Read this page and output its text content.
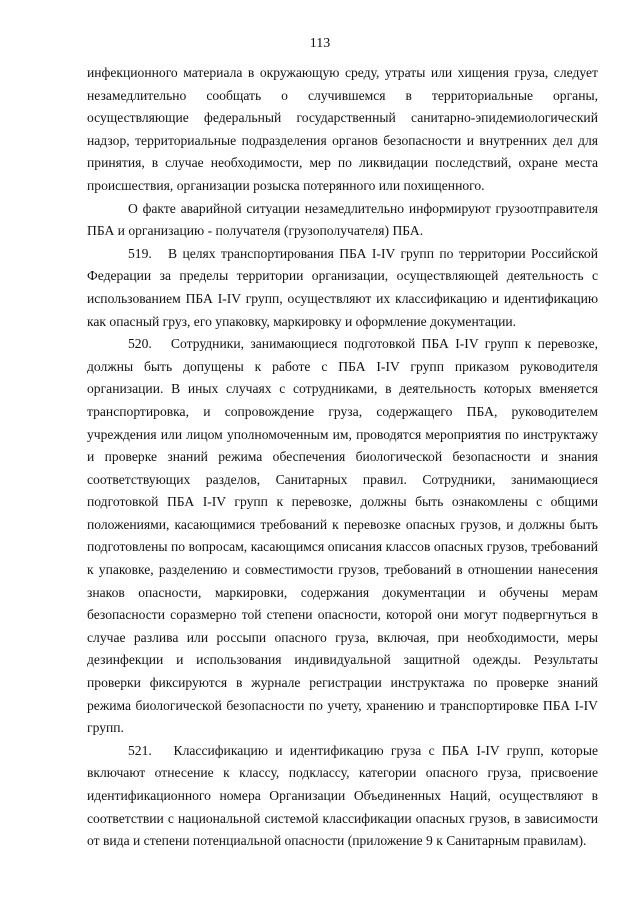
113

инфекционного материала в окружающую среду, утраты или хищения груза, следует незамедлительно сообщать о случившемся в территориальные органы, осуществляющие федеральный государственный санитарно-эпидемиологический надзор, территориальные подразделения органов безопасности и внутренних дел для принятия, в случае необходимости, мер по ликвидации последствий, охране места происшествия, организации розыска потерянного или похищенного.

О факте аварийной ситуации незамедлительно информируют грузоотправителя ПБА и организацию - получателя (грузополучателя) ПБА.

519.   В целях транспортирования ПБА I-IV групп по территории Российской Федерации за пределы территории организации, осуществляющей деятельность с использованием ПБА I-IV групп, осуществляют их классификацию и идентификацию как опасный груз, его упаковку, маркировку и оформление документации.

520.   Сотрудники, занимающиеся подготовкой ПБА I-IV групп к перевозке, должны быть допущены к работе с ПБА I-IV групп приказом руководителя организации. В иных случаях с сотрудниками, в деятельность которых вменяется транспортировка, и сопровождение груза, содержащего ПБА, руководителем учреждения или лицом уполномоченным им, проводятся мероприятия по инструктажу и проверке знаний режима обеспечения биологической безопасности и знания соответствующих разделов, Санитарных правил. Сотрудники, занимающиеся подготовкой ПБА I-IV групп к перевозке, должны быть ознакомлены с общими положениями, касающимися требований к перевозке опасных грузов, и должны быть подготовлены по вопросам, касающимся описания классов опасных грузов, требований к упаковке, разделению и совместимости грузов, требований в отношении нанесения знаков опасности, маркировки, содержания документации и обучены мерам безопасности соразмерно той степени опасности, которой они могут подвергнуться в случае разлива или россыпи опасного груза, включая, при необходимости, меры дезинфекции и использования индивидуальной защитной одежды. Результаты проверки фиксируются в журнале регистрации инструктажа по проверке знаний режима биологической безопасности по учету, хранению и транспортировке ПБА I-IV групп.

521.   Классификацию и идентификацию груза с ПБА I-IV групп, которые включают отнесение к классу, подклассу, категории опасного груза, присвоение идентификационного номера Организации Объединенных Наций, осуществляют в соответствии с национальной системой классификации опасных грузов, в зависимости от вида и степени потенциальной опасности (приложение 9 к Санитарным правилам).
